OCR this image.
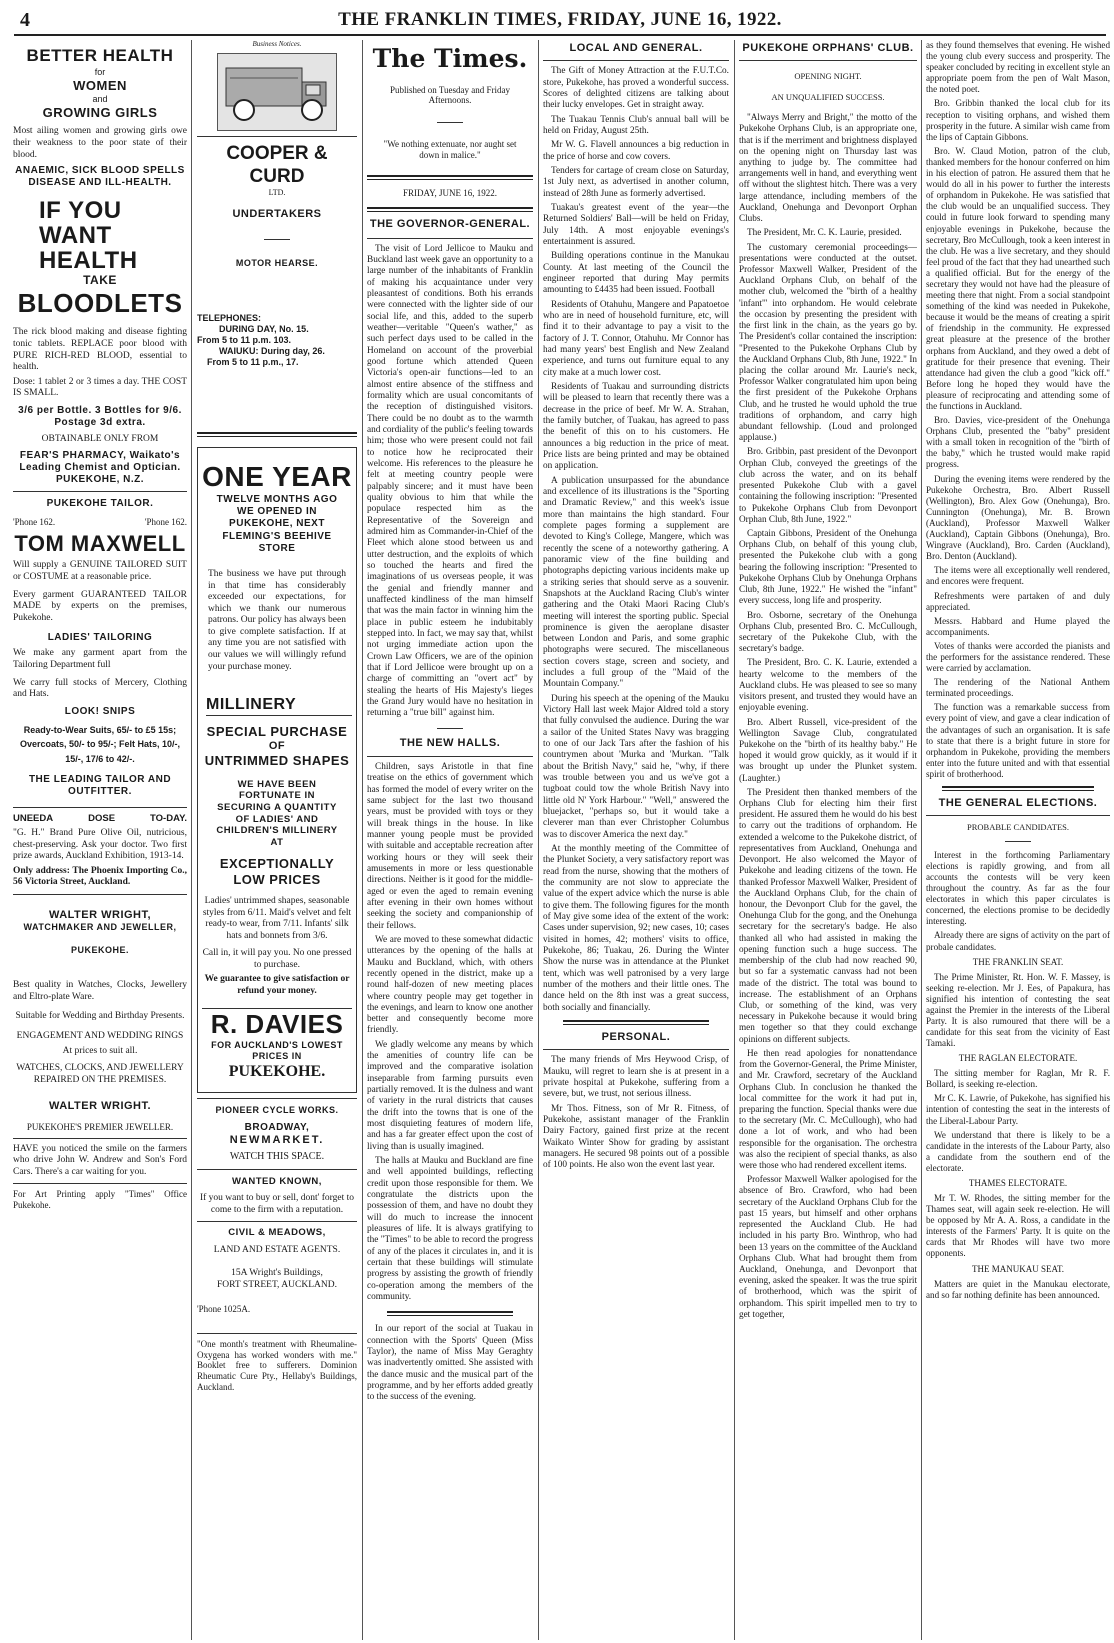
4	THE FRANKLIN TIMES, FRIDAY, JUNE 16, 1922.
BETTER HEALTH
for
WOMEN
and
GROWING GIRLS

Most ailing women and growing girls owe their weakness to the poor state of their blood.

ANAEMIC, SICK BLOOD SPELLS DISEASE AND ILL-HEALTH.
IF YOU
WANT
HEALTH
TAKE
BLOODLETS

The rick blood making and disease fighting tonic tablets. REPLACE poor blood with PURE RICH-RED BLOOD, essential to health.

Dose: 1 tablet 2 or 3 times a day. THE COST IS SMALL.

3/6 per Bottle. 3 Bottles for 9/6. Postage 3d extra.
OBTAINABLE ONLY FROM
FEAR'S PHARMACY, Waikato's Leading Chemist and Optician.
PUKEKOHE, N.Z.
PUKEKOHE TAILOR.
'Phone 162.	'Phone 162.
TOM MAXWELL

Will supply a GENUINE TAILORED SUIT or COSTUME at a reasonable price.

Every garment GUARANTEED TAILOR MADE by experts on the premises, Pukekohe.

LADIES' TAILORING

We make any garment apart from the Tailoring Department full

We carry full stocks of Mercery, Clothing and Hats.

LOOK! SNIPS
Ready-to-Wear Suits, 65/- to £5 15s; Overcoats, 50/- to 95/-; Felt Hats, 10/-, 15/-, 17/6 to 42/-.
THE LEADING TAILOR AND OUTFITTER.
UNEEDA	DOSE	TO-DAY.

"G. H." Brand Pure Olive Oil, nutricious, chest-preserving. Ask your doctor. Two first prize awards, Auckland Exhibition, 1913-14.

Only address: The Phoenix Importing Co., 56 Victoria Street, Auckland.

WALTER WRIGHT,
WATCHMAKER AND JEWELLER,
PUKEKOHE.

Best quality in Watches, Clocks, Jewellery and Eltro-plate Ware.

Suitable for Wedding and Birthday Presents.

ENGAGEMENT AND WEDDING RINGS

At prices to suit all.

WATCHES, CLOCKS, AND JEWELLERY REPAIRED ON THE PREMISES.

WALTER WRIGHT.
PUKEKOHE'S PREMIER JEWELLER.

HAVE you noticed the smile on the farmers who drive John W. Andrew and Son's Ford Cars. There's a car waiting for you.

For Art Printing apply "Times" Office Pukekohe.

Business Notices.
COOPER & CURD
LTD.
UNDERTAKERS
MOTOR HEARSE.
TELEPHONES:
DURING DAY, No. 15.
From 5 to 11 p.m. 103.
WAIUKU: During day, 26.
From 5 to 11 p.m., 17.
ONE YEAR
TWELVE MONTHS AGO WE OPENED IN PUKEKOHE, NEXT FLEMING'S BEEHIVE STORE

The business we have put through in that time has considerably exceeded our expectations, for which we thank our numerous patrons. Our policy has always been to give complete satisfaction. If at any time you are not satisfied with our values we will willingly refund your purchase money.

MILLINERY
SPECIAL PURCHASE
OF
UNTRIMMED SHAPES
WE HAVE BEEN FORTUNATE IN SECURING A QUANTITY OF LADIES' AND CHILDREN'S MILLINERY AT
EXCEPTIONALLY LOW PRICES

Ladies' untrimmed shapes, seasonable styles from 6/11. Maid's velvet and felt ready-to wear, from 7/11. Infants' silk hats and bonnets from 3/6.

Call in, it will pay you. No one pressed to purchase.

We guarantee to give satisfaction or refund your money.

R. DAVIES
FOR AUCKLAND'S LOWEST PRICES IN
PUKEKOHE.
PIONEER CYCLE WORKS.
BROADWAY,
NEWMARKET.
WATCH THIS SPACE.
WANTED KNOWN,

If you want to buy or sell, dont' forget to come to the firm with a reputation.

CIVIL & MEADOWS,
LAND AND ESTATE AGENTS.
15A Wright's Buildings,
FORT STREET, AUCKLAND.
'Phone 1025A.

"One month's treatment with Rheumaline-Oxygena has worked wonders with me." Booklet free to sufferers. Dominion Rheumatic Cure Pty., Hellaby's Buildings, Auckland.

The Times.
Published on Tuesday and Friday Afternoons.
"We nothing extenuate, nor aught set down in malice."
FRIDAY, JUNE 16, 1922.
THE GOVERNOR-GENERAL.

The visit of Lord Jellicoe to Mauku and Buckland last week gave an opportunity to a large number of the inhabitants of Franklin of making his acquaintance under very pleasantest of conditions. Both his errands were connected with the lighter side of our social life, and this, added to the superb weather—veritable "Queen's wather," as such perfect days used to be called in the Homeland on account of the proverbial good fortune which attended Queen Victoria's open-air functions—led to an almost entire absence of the stiffness and formality which are usual concomitants of the reception of distinguished visitors. There could be no doubt as to the warmth and cordiality of the public's feeling towards him; those who were present could not fail to notice how he reciprocated their welcome. His references to the pleasure he felt at meeting country people were palpably sincere; and it must have been quality obvious to him that while the populace respected him as the Representative of the Sovereign and admired him as Commander-in-Chief of the Fleet which alone stood between us and utter destruction, and the exploits of which so touched the hearts and fired the imaginations of us overseas people, it was the genial and friendly manner and unaffected kindliness of the man himself that was the main factor in winning him the place in public esteem he indubitably stepped into. In fact, we may say that, whilst not urging immediate action upon the Crown Law Officers, we are of the opinion that if Lord Jellicoe were brought up on a charge of committing an "overt act" by stealing the hearts of His Majesty's lieges the Grand Jury would have no hesitation in returning a "true bill" against him.

THE NEW HALLS.

Children, says Aristotle in that fine treatise on the ethics of government which has formed the model of every writer on the same subject for the last two thousand years, must be provided with toys or they will break things in the house. In like manner young people must be provided with suitable and acceptable recreation after working hours or they will seek their amusements in more or less questionable directions. Neither is it good for the middle-aged or even the aged to remain evening after evening in their own homes without seeking the society and companionship of their fellows.

We are moved to these somewhat didactic utterances by the opening of the halls at Mauku and Buckland, which, with others recently opened in the district, make up a round half-dozen of new meeting places where country people may get together in the evenings, and learn to know one another better and consequently become more friendly.

We gladly welcome any means by which the amenities of country life can be improved and the comparative isolation inseparable from farming pursuits even partially removed. It is the dulness and want of variety in the rural districts that causes the drift into the towns that is one of the most disquieting features of modern life, and has a far greater effect upon the cost of living than is usually imagined.

The halls at Mauku and Buckland are fine and well appointed buildings, reflecting credit upon those responsible for them. We congratulate the districts upon the possession of them, and have no doubt they will do much to increase the innocent pleasures of life. It is always gratifying to the "Times" to be able to record the progress of any of the places it circulates in, and it is certain that these buildings will stimulate progress by assisting the growth of friendly co-operation among the members of the community.

In our report of the social at Tuakau in connection with the Sports' Queen (Miss Taylor), the name of Miss May Geraghty was inadvertently omitted. She assisted with the dance music and the musical part of the programme, and by her efforts added greatly to the success of the evening.

LOCAL AND GENERAL.

The Gift of Money Attraction at the F.U.T.Co. store, Pukekohe, has proved a wonderful success. Scores of delighted citizens are talking about their lucky envelopes. Get in straight away.

The Tuakau Tennis Club's annual ball will be held on Friday, August 25th.

Mr W. G. Flavell announces a big reduction in the price of horse and cow covers.

Tenders for cartage of cream close on Saturday, 1st July next, as advertised in another column, instead of 28th June as formerly advertised.

Tuakau's greatest event of the year—the Returned Soldiers' Ball—will be held on Friday, July 14th. A most enjoyable evenings's entertainment is assured.

Building operations continue in the Manukau County. At last meeting of the Council the engineer reported that during May permits amounting to £4435 had been issued. Football

Residents of Otahuhu, Mangere and Papatoetoe who are in need of household furniture, etc, will find it to their advantage to pay a visit to the factory of J. T. Connor, Otahuhu. Mr Connor has had many years' best English and New Zealand experience, and turns out furniture equal to any city make at a much lower cost.

Residents of Tuakau and surrounding districts will be pleased to learn that recently there was a decrease in the price of beef. Mr W. A. Strahan, the family butcher, of Tuakau, has agreed to pass the benefit of this on to his customers. He announces a big reduction in the price of meat. Price lists are being printed and may be obtained on application.

A publication unsurpassed for the abundance and excellence of its illustrations is the "Sporting and Dramatic Review," and this week's issue more than maintains the high standard. Four complete pages forming a supplement are devoted to King's College, Mangere, which was recently the scene of a noteworthy gathering. A panoramic view of the fine building and photographs depicting various incidents make up a striking series that should serve as a souvenir. Snapshots at the Auckland Racing Club's winter gathering and the Otaki Maori Racing Club's meeting will interest the sporting public. Special prominence is given the aeroplane disaster between London and Paris, and some graphic photographs were secured. The miscellaneous section covers stage, screen and society, and includes a full group of the "Maid of the Mountain Company."

During his speech at the opening of the Mauku Victory Hall last week Major Aldred told a story that fully convulsed the audience. During the war a sailor of the United States Navy was bragging to one of our Jack Tars after the fashion of his countrymen about 'Murka and 'Murkan. "Talk about the British Navy," said he, "why, if there was trouble between you and us we've got a tugboat could tow the whole British Navy into little old N' York Harbour." "Well," answered the bluejacket, "perhaps so, but it would take a cleverer man than ever Christopher Columbus was to discover America the next day."

At the monthly meeting of the Committee of the Plunket Society, a very satisfactory report was read from the nurse, showing that the mothers of the community are not slow to appreciate the value of the expert advice which the nurse is able to give them. The following figures for the month of May give some idea of the extent of the work: Cases under supervision, 92; new cases, 10; cases visited in homes, 42; mothers' visits to office, Pukekohe, 86; Tuakau, 26. During the Winter Show the nurse was in attendance at the Plunket tent, which was well patronised by a very large number of the mothers and their little ones. The dance held on the 8th inst was a great success, both socially and financially.

PERSONAL.

The many friends of Mrs Heywood Crisp, of Mauku, will regret to learn she is at present in a private hospital at Pukekohe, suffering from a severe, but, we trust, not serious illness.

Mr Thos. Fitness, son of Mr R. Fitness, of Pukekohe, assistant manager of the Franklin Dairy Factory, gained first prize at the recent Waikato Winter Show for grading by assistant managers. He secured 98 points out of a possible of 100 points. He also won the event last year.

PUKEKOHE ORPHANS' CLUB.
OPENING NIGHT.
AN UNQUALIFIED SUCCESS.

"Always Merry and Bright," the motto of the Pukekohe Orphans Club, is an appropriate one, that is if the merriment and brightness displayed on the opening night on Thursday last was anything to judge by. The committee had arrangements well in hand, and everything went off without the slightest hitch. There was a very large attendance, including members of the Auckland, Onehunga and Devonport Orphan Clubs.

The President, Mr. C. K. Laurie, presided.

The customary ceremonial proceedings—presentations were conducted at the outset. Professor Maxwell Walker, President of the Auckland Orphans Club, on behalf of the mother club, welcomed the "birth of a healthy 'infant'" into orphandom. He would celebrate the occasion by presenting the president with the first link in the chain, as the years go by. The President's collar contained the inscription: "Presented to the Pukekohe Orphans Club by the Auckland Orphans Club, 8th June, 1922." In placing the collar around Mr. Laurie's neck, Professor Walker congratulated him upon being the first president of the Pukekohe Orphans Club, and he trusted he would uphold the true traditions of orphandom, and carry high abundant fellowship. (Loud and prolonged applause.)

Bro. Gribbin, past president of the Devonport Orphan Club, conveyed the greetings of the club across the water, and on its behalf presented Pukekohe Club with a gavel containing the following inscription: "Presented to Pukekohe Orphans Club from Devonport Orphan Club, 8th June, 1922."

Captain Gibbons, President of the Onehunga Orphans Club, on behalf of this young club, presented the Pukekohe club with a gong bearing the following inscription: "Presented to Pukekohe Orphans Club by Onehunga Orphans Club, 8th June, 1922." He wished the "infant" every success, long life and prosperity.

Bro. Osborne, secretary of the Onehunga Orphans Club, presented Bro. C. McCullough, secretary of the Pukekohe Club, with the secretary's badge.

The President, Bro. C. K. Laurie, extended a hearty welcome to the members of the Auckland clubs. He was pleased to see so many visitors present, and trusted they would have an enjoyable evening.

Bro. Albert Russell, vice-president of the Wellington Savage Club, congratulated Pukekohe on the "birth of its healthy baby." He hoped it would grow quickly, as it would if it was brought up under the Plunket system. (Laughter.)

The President then thanked members of the Orphans Club for electing him their first president. He assured them he would do his best to carry out the traditions of orphandom. He extended a welcome to the Pukekohe district, of representatives from Auckland, Onehunga and Devonport. He also welcomed the Mayor of Pukekohe and leading citizens of the town. He thanked Professor Maxwell Walker, President of the Auckland Orphans Club, for the chain of honour, the Devonport Club for the gavel, the Onehunga Club for the gong, and the Onehunga secretary for the secretary's badge. He also thanked all who had assisted in making the opening function such a huge success. The membership of the club had now reached 90, but so far a systematic canvass had not been made of the district. The total was bound to increase. The establishment of an Orphans Club, or something of the kind, was very necessary in Pukekohe because it would bring men together so that they could exchange opinions on different subjects.

He then read apologies for nonattendance from the Governor-General, the Prime Minister, and Mr. Crawford, secretary of the Auckland Orphans Club. In conclusion he thanked the local committee for the work it had put in, preparing the function. Special thanks were due to the secretary (Mr. C. McCullough), who had done a lot of work, and who had been responsible for the organisation. The orchestra was also the recipient of special thanks, as also were those who had rendered excellent items.

Professor Maxwell Walker apologised for the absence of Bro. Crawford, who had been secretary of the Auckland Orphans Club for the past 15 years, but himself and other orphans represented the Auckland Club. He had included in his party Bro. Winthrop, who had been 13 years on the committee of the Auckland Orphans Club. What had brought them from Auckland, Onehunga, and Devonport that evening, asked the speaker. It was the true spirit of brotherhood, which was the spirit of orphandom. This spirit impelled men to try to get together,

as they found themselves that evening. He wished the young club every success and prosperity. The speaker concluded by reciting in excellent style an appropriate poem from the pen of Walt Mason, the noted poet.

Bro. Gribbin thanked the local club for its reception to visiting orphans, and wished them prosperity in the future. A similar wish came from the lips of Captain Gibbons.

Bro. W. Claud Motion, patron of the club, thanked members for the honour conferred on him in his election of patron. He assured them that he would do all in his power to further the interests of orphandom in Pukekohe. He was satisfied that the club would be an unqualified success. They could in future look forward to spending many enjoyable evenings in Pukekohe, because the secretary, Bro McCullough, took a keen interest in the club. He was a live secretary, and they should feel proud of the fact that they had unearthed such a qualified official. But for the energy of the secretary they would not have had the pleasure of meeting there that night. From a social standpoint something of the kind was needed in Pukekohe, because it would be the means of creating a spirit of friendship in the community. He expressed great pleasure at the presence of the brother orphans from Auckland, and they owed a debt of gratitude for their presence that evening. Their attendance had given the club a good "kick off." Before long he hoped they would have the pleasure of reciprocating and attending some of the functions in Auckland.

Bro. Davies, vice-president of the Onehunga Orphans Club, presented the "baby" president with a small token in recognition of the "birth of the baby," which he trusted would make rapid progress.

During the evening items were rendered by the Pukekohe Orchestra, Bro. Albert Russell (Wellington), Bro. Alex Gow (Onehunga), Bro. Cunnington (Onehunga), Mr. B. Brown (Auckland), Professor Maxwell Walker (Auckland), Captain Gibbons (Onehunga), Bro. Wingrave (Auckland), Bro. Carden (Auckland), Bro. Denton (Auckland).

The items were all exceptionally well rendered, and encores were frequent.

Refreshments were partaken of and duly appreciated.

Messrs. Habbard and Hume played the accompaniments.

Votes of thanks were accorded the pianists and the performers for the assistance rendered. These were carried by acclamation.

The rendering of the National Anthem terminated proceedings.

The function was a remarkable success from every point of view, and gave a clear indication of the advantages of such an organisation. It is safe to state that there is a bright future in store for orphandom in Pukekohe, providing the members enter into the future united and with that essential spirit of brotherhood.

THE GENERAL ELECTIONS.
PROBABLE CANDIDATES.

Interest in the forthcoming Parliamentary elections is rapidly growing, and from all accounts the contests will be very keen throughout the country. As far as the four electorates in which this paper circulates is concerned, the elections promise to be decidedly interesting.

Already there are signs of activity on the part of probale candidates.

THE FRANKLIN SEAT.

The Prime Minister, Rt. Hon. W. F. Massey, is seeking re-election. Mr J. Ees, of Papakura, has signified his intention of contesting the seat against the Premier in the interests of the Liberal Party. It is also rumoured that there will be a candidate for this seat from the vicinity of East Tamaki.

THE RAGLAN ELECTORATE.

The sitting member for Raglan, Mr R. F. Bollard, is seeking re-election.

Mr C. K. Lawrie, of Pukekohe, has signified his intention of contesting the seat in the interests of the Liberal-Labour Party.

We understand that there is likely to be a candidate in the interests of the Labour Party, also a candidate from the southern end of the electorate.

THAMES ELECTORATE.

Mr T. W. Rhodes, the sitting member for the Thames seat, will again seek re-election. He will be opposed by Mr A. A. Ross, a candidate in the interests of the Farmers' Party. It is quite on the cards that Mr Rhodes will have two more opponents.

THE MANUKAU SEAT.

Matters are quiet in the Manukau electorate, and so far nothing definite has been announced.
